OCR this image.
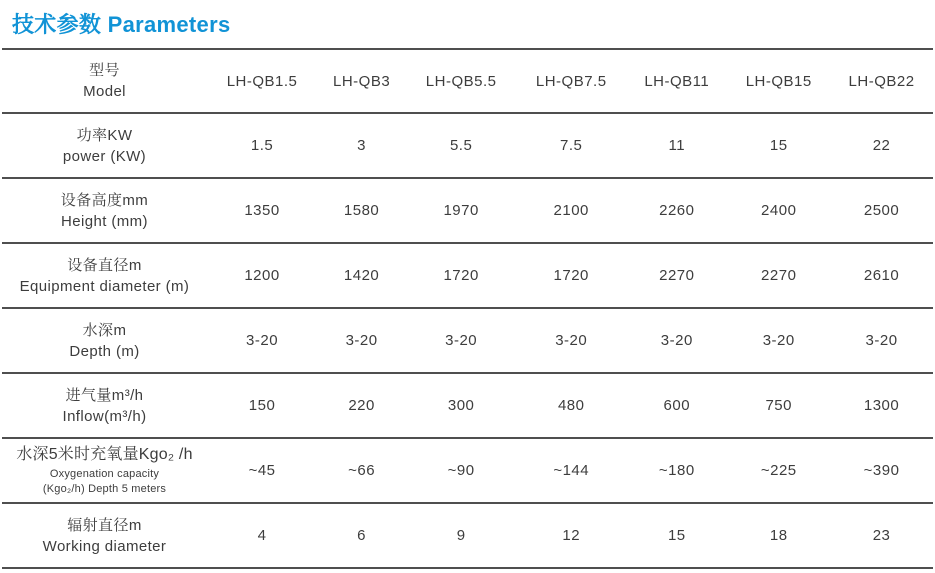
技术参数 Parameters
型号
Model	LH-QB1.5	LH-QB3	LH-QB5.5	LH-QB7.5	LH-QB11	LH-QB15	LH-QB22

功率KW
power (KW)	1.5	3	5.5	7.5	11	15	22

设备高度mm
Height (mm)	1350	1580	1970	2100	2260	2400	2500

设备直径m
Equipment diameter (m)	1200	1420	1720	1720	2270	2270	2610

水深m
Depth (m)	3-20	3-20	3-20	3-20	3-20	3-20	3-20

进气量m³/h
Inflow(m³/h)	150	220	300	480	600	750	1300

水深5米时充氧量Kgo₂ /h
Oxygenation capacity
(Kgo₂/h) Depth 5 meters	~45	~66	~90	~144	~180	~225	~390

辐射直径m
Working diameter	4	6	9	12	15	18	23
